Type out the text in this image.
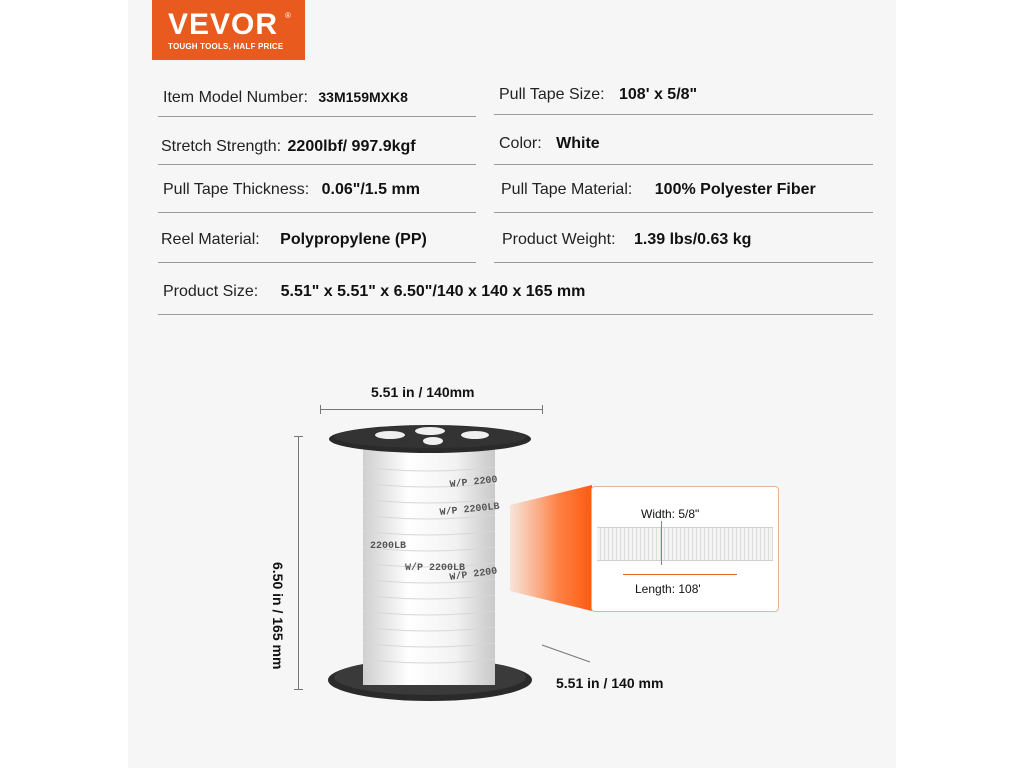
VEVOR ®
TOUGH TOOLS, HALF PRICE
Item Model Number: 33M159MXK8	Pull Tape Size: 108' x 5/8"
Stretch Strength: 2200lbf/ 997.9kgf	Color: White
Pull Tape Thickness: 0.06"/1.5 mm	Pull Tape Material: 100% Polyester Fiber
Reel Material: Polypropylene (PP)	Product Weight: 1.39 lbs/0.63 kg
Product Size: 5.51" x 5.51" x 6.50"/140 x 140 x 165 mm
5.51 in / 140mm
6.50 in / 165 mm
5.51 in / 140 mm
W/P 2200
W/P 2200LB
2200LB
W/P 2200LB
W/P 2200
Width: 5/8"
Length: 108'
